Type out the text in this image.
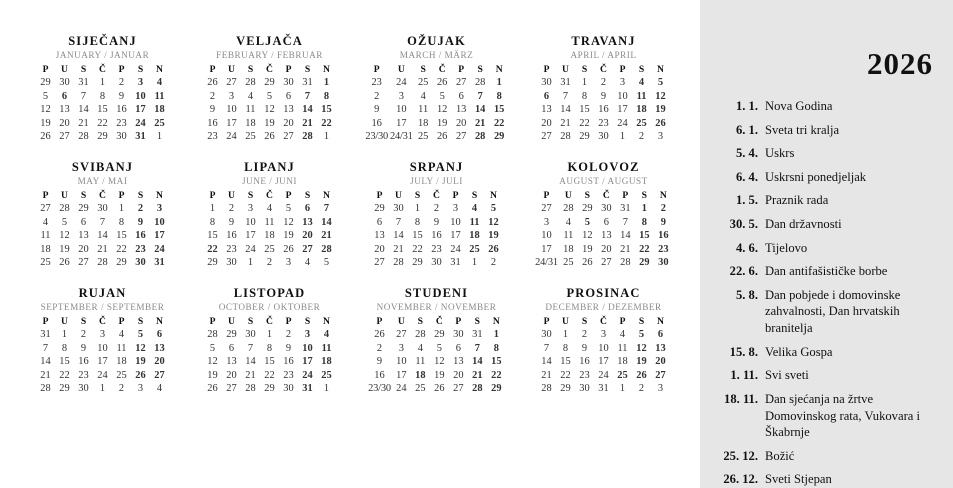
SIJEČANJ
JANUARY / JANUAR
P	U	S	Č	P	S	N
29	30	31	1	2	3	4
5	6	7	8	9	10	11
12	13	14	15	16	17	18
19	20	21	22	23	24	25
26	27	28	29	30	31	1
VELJAČA
FEBRUARY / FEBRUAR
P	U	S	Č	P	S	N
26	27	28	29	30	31	1
2	3	4	5	6	7	8
9	10	11	12	13	14	15
16	17	18	19	20	21	22
23	24	25	26	27	28	1
OŽUJAK
MARCH / MÄRZ
P	U	S	Č	P	S	N
23	24	25	26	27	28	1
2	3	4	5	6	7	8
9	10	11	12	13	14	15
16	17	18	19	20	21	22
23/30	24/31	25	26	27	28	29
TRAVANJ
APRIL / APRIL
P	U	S	Č	P	S	N
30	31	1	2	3	4	5
6	7	8	9	10	11	12
13	14	15	16	17	18	19
20	21	22	23	24	25	26
27	28	29	30	1	2	3
SVIBANJ
MAY / MAI
P	U	S	Č	P	S	N
27	28	29	30	1	2	3
4	5	6	7	8	9	10
11	12	13	14	15	16	17
18	19	20	21	22	23	24
25	26	27	28	29	30	31
LIPANJ
JUNE / JUNI
P	U	S	Č	P	S	N
1	2	3	4	5	6	7
8	9	10	11	12	13	14
15	16	17	18	19	20	21
22	23	24	25	26	27	28
29	30	1	2	3	4	5
SRPANJ
JULY / JULI
P	U	S	Č	P	S	N
29	30	1	2	3	4	5
6	7	8	9	10	11	12
13	14	15	16	17	18	19
20	21	22	23	24	25	26
27	28	29	30	31	1	2
KOLOVOZ
AUGUST / AUGUST
P	U	S	Č	P	S	N
27	28	29	30	31	1	2
3	4	5	6	7	8	9
10	11	12	13	14	15	16
17	18	19	20	21	22	23
24/31	25	26	27	28	29	30
RUJAN
SEPTEMBER / SEPTEMBER
P	U	S	Č	P	S	N
31	1	2	3	4	5	6
7	8	9	10	11	12	13
14	15	16	17	18	19	20
21	22	23	24	25	26	27
28	29	30	1	2	3	4
LISTOPAD
OCTOBER / OKTOBER
P	U	S	Č	P	S	N
28	29	30	1	2	3	4
5	6	7	8	9	10	11
12	13	14	15	16	17	18
19	20	21	22	23	24	25
26	27	28	29	30	31	1
STUDENI
NOVEMBER / NOVEMBER
P	U	S	Č	P	S	N
26	27	28	29	30	31	1
2	3	4	5	6	7	8
9	10	11	12	13	14	15
16	17	18	19	20	21	22
23/30	24	25	26	27	28	29
PROSINAC
DECEMBER / DEZEMBER
P	U	S	Č	P	S	N
30	1	2	3	4	5	6
7	8	9	10	11	12	13
14	15	16	17	18	19	20
21	22	23	24	25	26	27
28	29	30	31	1	2	3
2026
1. 1. Nova Godina
6. 1. Sveta tri kralja
5. 4. Uskrs
6. 4. Uskrsni ponedjeljak
1. 5. Praznik rada
30. 5. Dan državnosti
4. 6. Tijelovo
22. 6. Dan antifašističke borbe
5. 8. Dan pobjede i domovinske zahvalnosti, Dan hrvatskih branitelja
15. 8. Velika Gospa
1. 11. Svi sveti
18. 11. Dan sjećanja na žrtve Domovinskog rata, Vukovara i Škabrnje
25. 12. Božić
26. 12. Sveti Stjepan
